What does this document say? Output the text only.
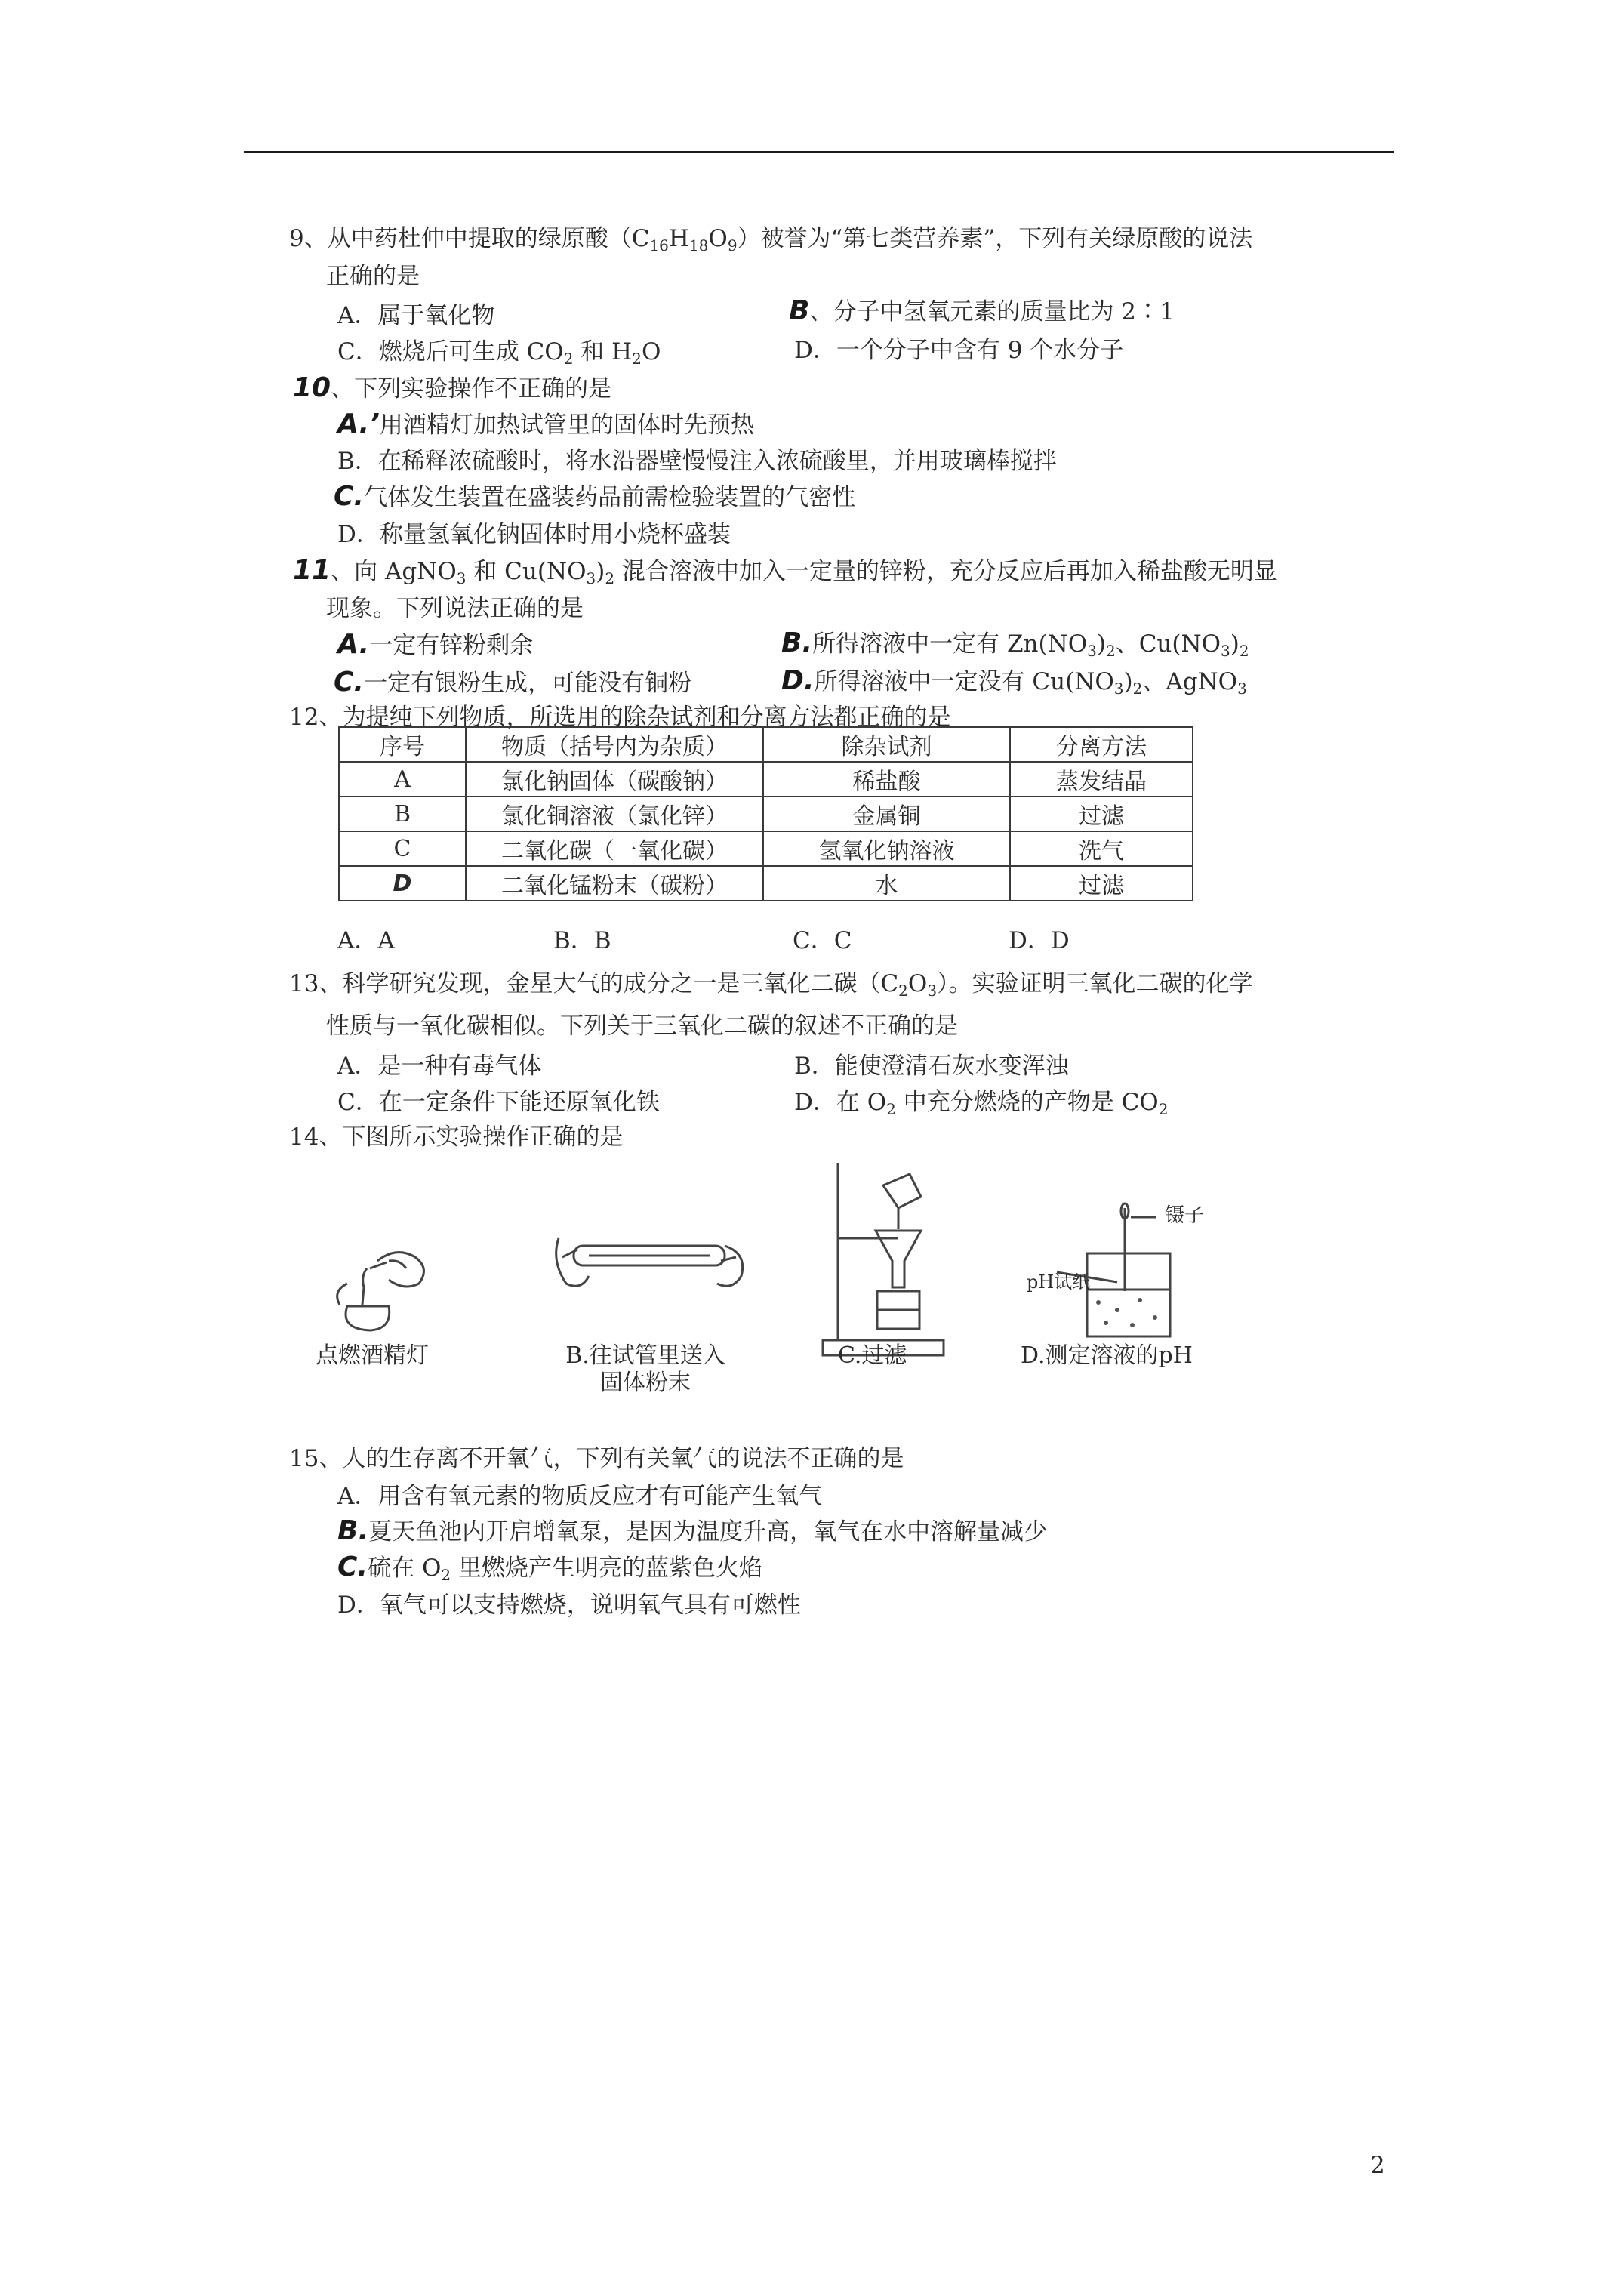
9、从中药杜仲中提取的绿原酸$(C_{16}H_{18}O_9)$被誉为“第七类营养素”，下列有关绿原酸的说法
正确的是
A．属于氧化物	B、分子中氢氧元素的质量比为 2∶1
C．燃烧后可生成 $CO_2$ 和 $H_2O$	D．一个分子中含有 9 个水分子
10、下列实验操作不正确的是
A.’用酒精灯加热试管里的固体时先预热
B．在稀释浓硫酸时，将水沿器壁慢慢注入浓硫酸里，并用玻璃棒搅拌
C.气体发生装置在盛装药品前需检验装置的气密性
D．称量氢氧化钠固体时用小烧杯盛装
11、向 AgNO$_3$ 和 $Cu(NO_3)_2$ 混合溶液中加入一定量的锌粉，充分反应后再加入稀盐酸无明显
现象。下列说法正确的是
A.一定有锌粉剩余	B.所得溶液中一定有 $Zn(NO_3)_2$、$Cu(NO_3)_2$
C.一定有银粉生成，可能没有铜粉	D.所得溶液中一定没有 $Cu(NO_3)_2$、AgNO$_3$
12、为提纯下列物质，所选用的除杂试剂和分离方法都正确的是
序号	物质（括号内为杂质）	除杂试剂	分离方法
A	氯化钠固体（碳酸钠）	稀盐酸	蒸发结晶
B	氯化铜溶液（氯化锌）	金属铜	过滤
C	二氧化碳（一氧化碳）	氢氧化钠溶液	洗气
D	二氧化锰粉末（碳粉）	水	过滤
A．A	B．B	C．C	D．D
13、科学研究发现，金星大气的成分之一是三氧化二碳$(C_2O_3)$。实验证明三氧化二碳的化学
性质与一氧化碳相似。下列关于三氧化二碳的叙述不正确的是
A．是一种有毒气体	B．能使澄清石灰水变浑浊
C．在一定条件下能还原氧化铁	D．在 $O_2$ 中充分燃烧的产物是 $CO_2$
14、下图所示实验操作正确的是
点燃酒精灯	B.往试管里送入
固体粉末
C.过滤
镊子
pH试纸
D.测定溶液的pH
15、人的生存离不开氧气，下列有关氧气的说法不正确的是
A．用含有氧元素的物质反应才有可能产生氧气
B.夏天鱼池内开启增氧泵，是因为温度升高，氧气在水中溶解量减少
C.硫在 $O_2$ 里燃烧产生明亮的蓝紫色火焰
D．氧气可以支持燃烧，说明氧气具有可燃性
2
